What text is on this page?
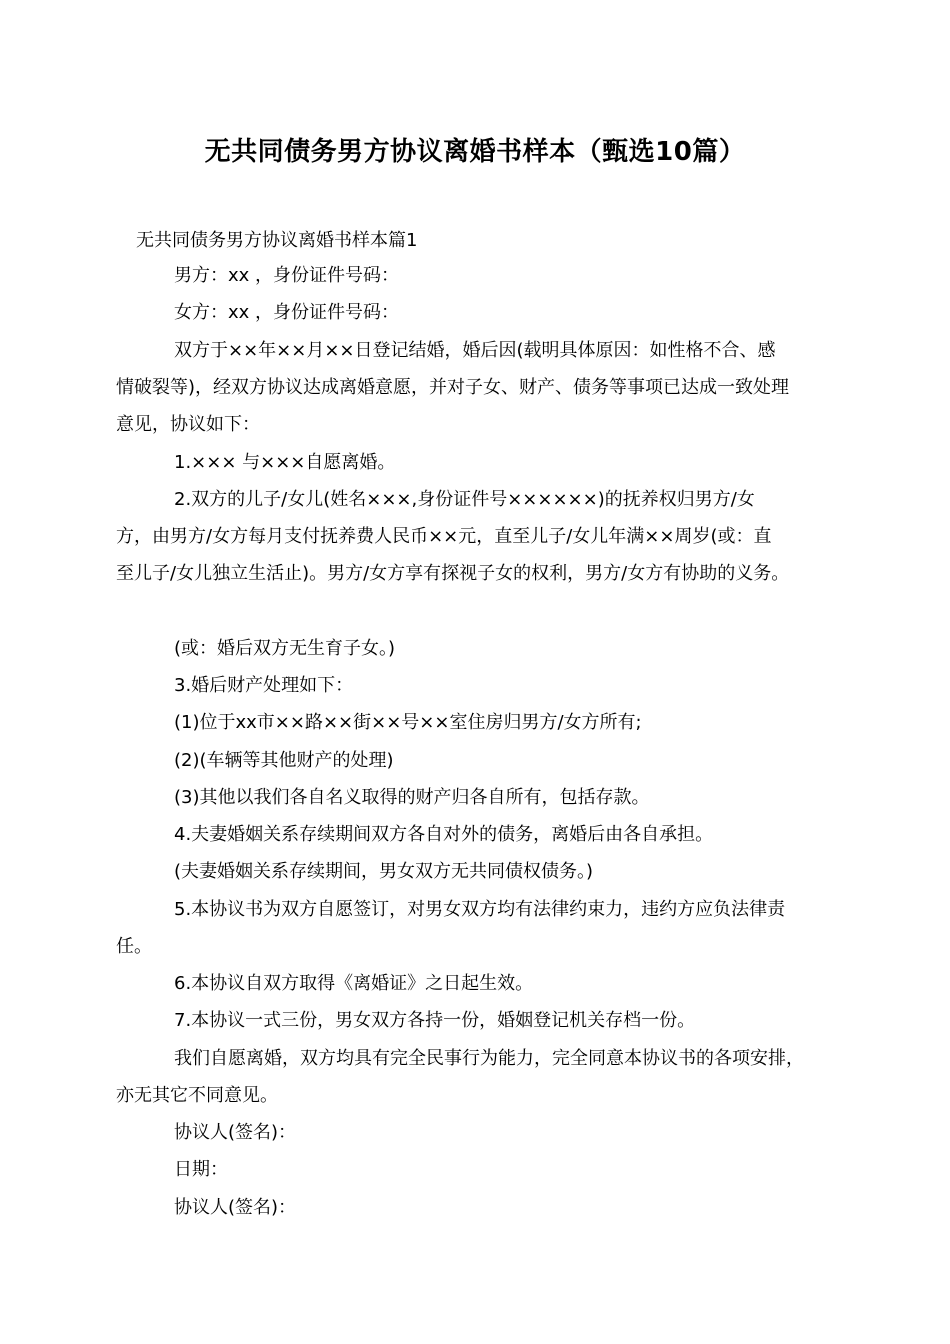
无共同债务男方协议离婚书样本（甄选10篇）
无共同债务男方协议离婚书样本篇1
男方：xx ，身份证件号码：
女方：xx ，身份证件号码：
双方于××年××月××日登记结婚，婚后因(载明具体原因：如性格不合、感
情破裂等)，经双方协议达成离婚意愿，并对子女、财产、债务等事项已达成一致处理
意见，协议如下：
1.××× 与×××自愿离婚。
2.双方的儿子/女儿(姓名×××,身份证件号××××××)的抚养权归男方/女
方，由男方/女方每月支付抚养费人民币××元，直至儿子/女儿年满××周岁(或：直
至儿子/女儿独立生活止)。男方/女方享有探视子女的权利，男方/女方有协助的义务。
(或：婚后双方无生育子女。)
3.婚后财产处理如下：
(1)位于xx市××路××街××号××室住房归男方/女方所有;
(2)(车辆等其他财产的处理)
(3)其他以我们各自名义取得的财产归各自所有，包括存款。
4.夫妻婚姻关系存续期间双方各自对外的债务，离婚后由各自承担。
(夫妻婚姻关系存续期间，男女双方无共同债权债务。)
5.本协议书为双方自愿签订，对男女双方均有法律约束力，违约方应负法律责
任。
6.本协议自双方取得《离婚证》之日起生效。
7.本协议一式三份，男女双方各持一份，婚姻登记机关存档一份。
我们自愿离婚，双方均具有完全民事行为能力，完全同意本协议书的各项安排，
亦无其它不同意见。
协议人(签名)：
日期：
协议人(签名)：
